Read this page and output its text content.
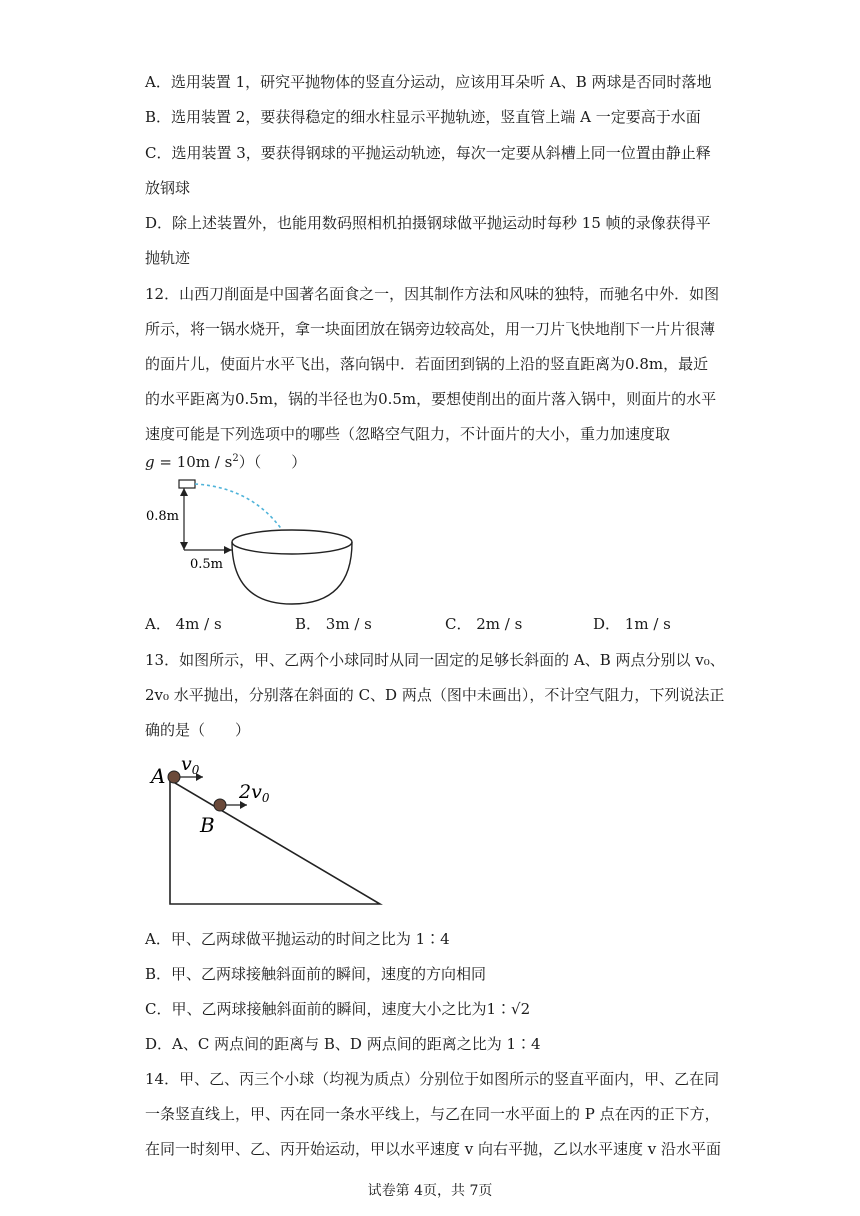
A．选用装置 1，研究平抛物体的竖直分运动，应该用耳朵听 A、B 两球是否同时落地
B．选用装置 2，要获得稳定的细水柱显示平抛轨迹，竖直管上端 A 一定要高于水面
C．选用装置 3，要获得钢球的平抛运动轨迹，每次一定要从斜槽上同一位置由静止释
放钢球
D．除上述装置外，也能用数码照相机拍摄钢球做平抛运动时每秒 15 帧的录像获得平
抛轨迹
12．山西刀削面是中国著名面食之一，因其制作方法和风味的独特，而驰名中外．如图
所示，将一锅水烧开，拿一块面团放在锅旁边较高处，用一刀片飞快地削下一片片很薄
的面片儿，使面片水平飞出，落向锅中．若面团到锅的上沿的竖直距离为0.8m，最近
的水平距离为0.5m，锅的半径也为0.5m，要想使削出的面片落入锅中，则面片的水平
速度可能是下列选项中的哪些（忽略空气阻力，不计面片的大小，重力加速度取
$g = 10m / s^2$）（　　）
0.8m
0.5m
A． 4m / s	B． 3m / s	C． 2m / s	D． 1m / s
13．如图所示，甲、乙两个小球同时从同一固定的足够长斜面的 A、B 两点分别以 v₀、
2v₀ 水平抛出，分别落在斜面的 C、D 两点（图中未画出），不计空气阻力，下列说法正
确的是（　　）
A
B
$v_0$
$2v_0$
A．甲、乙两球做平抛运动的时间之比为 1∶4
B．甲、乙两球接触斜面前的瞬间，速度的方向相同
C．甲、乙两球接触斜面前的瞬间，速度大小之比为1∶√2
D．A、C 两点间的距离与 B、D 两点间的距离之比为 1∶4
14．甲、乙、丙三个小球（均视为质点）分别位于如图所示的竖直平面内，甲、乙在同
一条竖直线上，甲、丙在同一条水平线上，与乙在同一水平面上的 P 点在丙的正下方，
在同一时刻甲、乙、丙开始运动，甲以水平速度 v 向右平抛，乙以水平速度 v 沿水平面
试卷第 4页，共 7页
